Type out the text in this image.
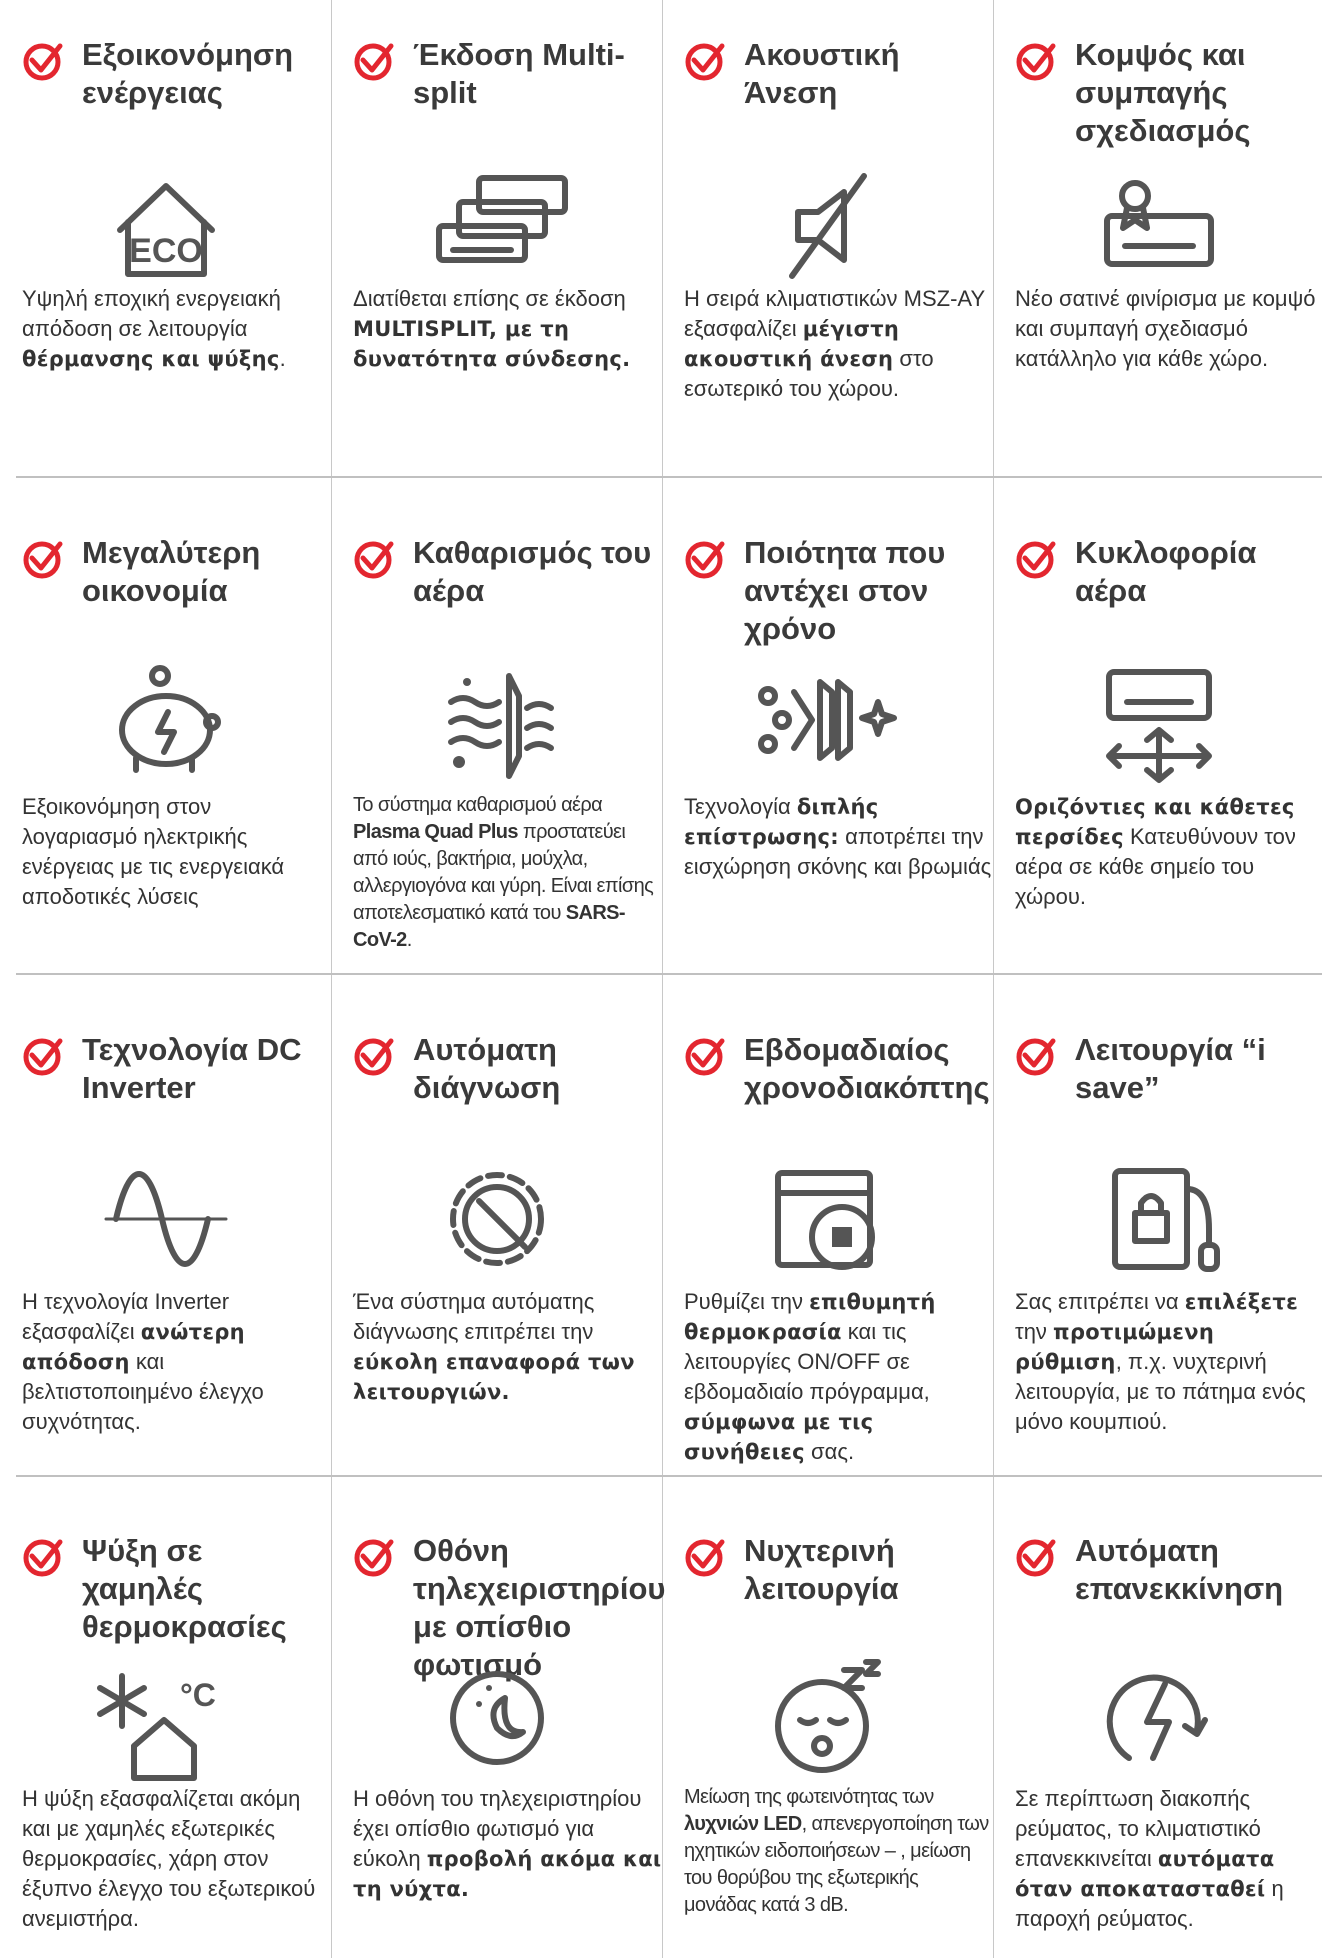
Εξοικονόμηση ενέργειας
ECO
Υψηλή εποχική ενεργειακή απόδοση σε λειτουργία θέρμανσης και ψύξης.
Έκδοση Multi-split
Διατίθεται επίσης σε έκδοση MULTISPLIT, με τη δυνατότητα σύνδεσης.
Ακουστική Άνεση
Η σειρά κλιματιστικών MSZ-AY εξασφαλίζει μέγιστη ακουστική άνεση στο εσωτερικό του χώρου.
Κομψός και συμπαγής σχεδιασμός
Νέο σατινέ φινίρισμα με κομψό και συμπαγή σχεδιασμό κατάλληλο για κάθε χώρο.
Μεγαλύτερη οικονομία
Εξοικονόμηση στον λογαριασμό ηλεκτρικής ενέργειας με τις ενεργειακά αποδοτικές λύσεις
Καθαρισμός του αέρα
Το σύστημα καθαρισμού αέρα Plasma Quad Plus προστατεύει από ιούς, βακτήρια, μούχλα, αλλεργιογόνα και γύρη. Είναι επίσης αποτελεσματικό κατά του SARS-CoV-2.
Ποιότητα που αντέχει στον χρόνο
Τεχνολογία διπλής επίστρωσης: αποτρέπει την εισχώρηση σκόνης και βρωμιάς
Κυκλοφορία αέρα
Οριζόντιες και κάθετες περσίδες Κατευθύνουν τον αέρα σε κάθε σημείο του χώρου.
Τεχνολογία DC Inverter
Η τεχνολογία Inverter εξασφαλίζει ανώτερη απόδοση και βελτιστοποιημένο έλεγχο συχνότητας.
Αυτόματη διάγνωση
Ένα σύστημα αυτόματης διάγνωσης επιτρέπει την εύκολη επαναφορά των λειτουργιών.
Εβδομαδιαίος χρονοδιακόπτης
Ρυθμίζει την επιθυμητή θερμοκρασία και τις λειτουργίες ON/OFF σε εβδομαδιαίο πρόγραμμα, σύμφωνα με τις συνήθειες σας.
Λειτουργία “i save”
Σας επιτρέπει να επιλέξετε την προτιμώμενη ρύθμιση, π.χ. νυχτερινή λειτουργία, με το πάτημα ενός μόνο κουμπιού.
Ψύξη σε χαμηλές θερμοκρασίες
°C
Η ψύξη εξασφαλίζεται ακόμη και με χαμηλές εξωτερικές θερμοκρασίες, χάρη στον έξυπνο έλεγχο του εξωτερικού ανεμιστήρα.
Οθόνη τηλεχειριστηρίου με οπίσθιο φωτισμό
Η οθόνη του τηλεχειριστηρίου έχει οπίσθιο φωτισμό για εύκολη προβολή ακόμα και τη νύχτα.
Νυχτερινή λειτουργία
Μείωση της φωτεινότητας των λυχνιών LED, απενεργοποίηση των ηχητικών ειδοποιήσεων – , μείωση του θορύβου της εξωτερικής μονάδας κατά 3 dB.
Αυτόματη επανεκκίνηση
Σε περίπτωση διακοπής ρεύματος, το κλιματιστικό επανεκκινείται αυτόματα όταν αποκατασταθεί η παροχή ρεύματος.
